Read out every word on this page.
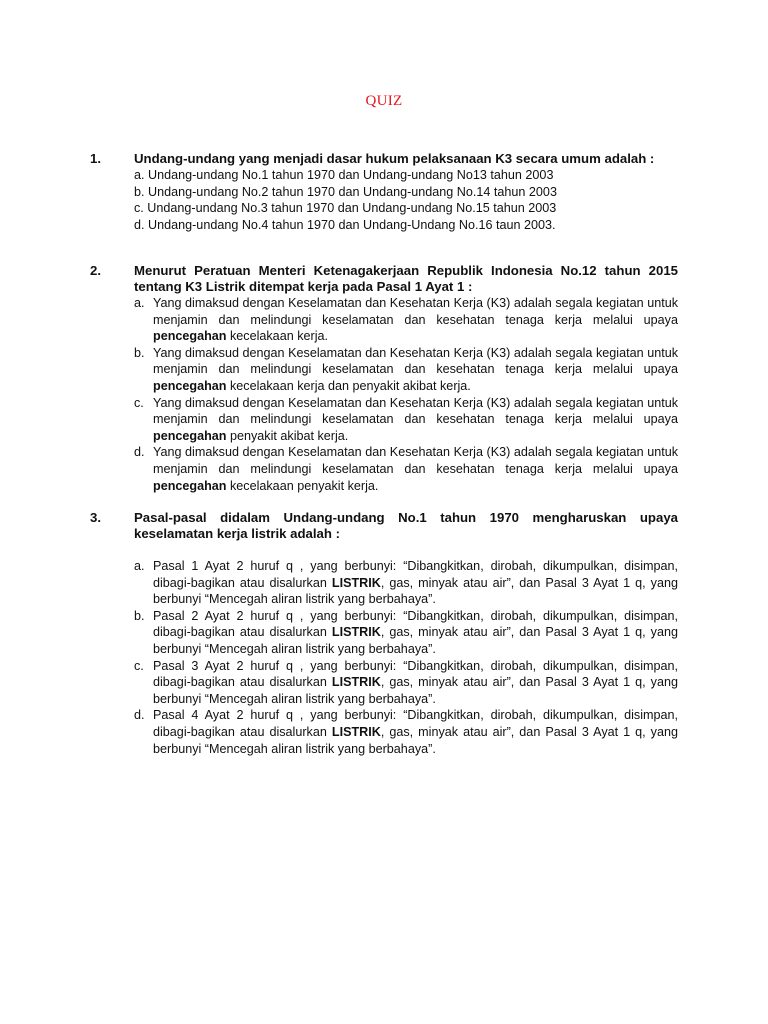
QUIZ
1.	Undang-undang yang menjadi dasar hukum pelaksanaan K3 secara umum adalah :
a. Undang-undang No.1 tahun 1970 dan Undang-undang No13 tahun 2003
b. Undang-undang No.2 tahun 1970 dan Undang-undang No.14 tahun 2003
c. Undang-undang No.3 tahun 1970 dan Undang-undang No.15 tahun 2003
d. Undang-undang No.4 tahun 1970 dan Undang-Undang No.16 taun 2003.
2.	Menurut Peratuan Menteri Ketenagakerjaan Republik Indonesia No.12 tahun 2015 tentang K3 Listrik ditempat kerja pada Pasal 1 Ayat 1 :
a. Yang dimaksud dengan Keselamatan dan Kesehatan Kerja (K3) adalah segala kegiatan untuk menjamin dan melindungi keselamatan dan kesehatan tenaga kerja melalui upaya pencegahan kecelakaan kerja.
b. Yang dimaksud dengan Keselamatan dan Kesehatan Kerja (K3) adalah segala kegiatan untuk menjamin dan melindungi keselamatan dan kesehatan tenaga kerja melalui upaya pencegahan kecelakaan kerja dan penyakit akibat kerja.
c. Yang dimaksud dengan Keselamatan dan Kesehatan Kerja (K3) adalah segala kegiatan untuk menjamin dan melindungi keselamatan dan kesehatan tenaga kerja melalui upaya pencegahan penyakit akibat kerja.
d. Yang dimaksud dengan Keselamatan dan Kesehatan Kerja (K3) adalah segala kegiatan untuk menjamin dan melindungi keselamatan dan kesehatan tenaga kerja melalui upaya pencegahan kecelakaan penyakit kerja.
3.	Pasal-pasal didalam Undang-undang No.1 tahun 1970 mengharuskan upaya keselamatan kerja listrik adalah :
a. Pasal 1 Ayat 2 huruf q , yang berbunyi: “Dibangkitkan, dirobah, dikumpulkan, disimpan, dibagi-bagikan atau disalurkan LISTRIK, gas, minyak atau air”, dan Pasal 3 Ayat 1 q, yang berbunyi “Mencegah aliran listrik yang berbahaya”.
b. Pasal 2 Ayat 2 huruf q , yang berbunyi: “Dibangkitkan, dirobah, dikumpulkan, disimpan, dibagi-bagikan atau disalurkan LISTRIK, gas, minyak atau air”, dan Pasal 3 Ayat 1 q, yang berbunyi “Mencegah aliran listrik yang berbahaya”.
c. Pasal 3 Ayat 2 huruf q , yang berbunyi: “Dibangkitkan, dirobah, dikumpulkan, disimpan, dibagi-bagikan atau disalurkan LISTRIK, gas, minyak atau air”, dan Pasal 3 Ayat 1 q, yang berbunyi “Mencegah aliran listrik yang berbahaya”.
d. Pasal 4 Ayat 2 huruf q , yang berbunyi: “Dibangkitkan, dirobah, dikumpulkan, disimpan, dibagi-bagikan atau disalurkan LISTRIK, gas, minyak atau air”, dan Pasal 3 Ayat 1 q, yang berbunyi “Mencegah aliran listrik yang berbahaya”.
